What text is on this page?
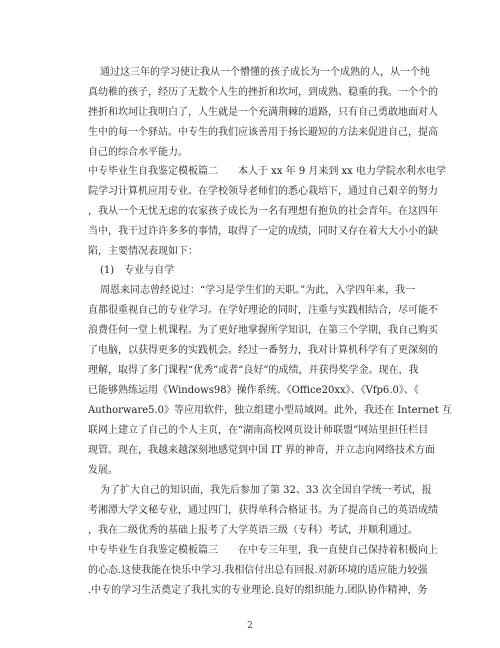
通过这三年的学习使让我从一个懵懂的孩子成长为一个成熟的人，从一个纯
真幼稚的孩子，经历了无数个人生的挫折和坎坷，到成熟、稳重的我。一个个的
挫折和坎坷让我明白了，人生就是一个充满荆棘的道路，只有自己勇敢地面对人
生中的每一个驿站。中专生的我们应该善用于扬长避短的方法来促进自己，提高
自己的综合水平能力。
中专毕业生自我鉴定模板篇二　　本人于 xx 年 9 月来到 xx 电力学院水利水电学
院学习计算机应用专业。在学校领导老师们的悉心栽培下，通过自己艰辛的努力
，我从一个无忧无虑的农家孩子成长为一名有理想有抱负的社会青年。在这四年
当中，我干过许许多多的事情，取得了一定的成绩，同时又存在着大大小小的缺
陷，主要情况表现如下：
(1)　专业与自学
周恩来同志曾经说过：“学习是学生们的天职。”为此，入学四年来，我一
直都很重视自己的专业学习。在学好理论的同时，注重与实践相结合，尽可能不
浪费任何一堂上机课程。为了更好地掌握所学知识，在第三个学期，我自己购买
了电脑，以获得更多的实践机会。经过一番努力，我对计算机科学有了更深刻的
理解，取得了多门课程“优秀”或者“良好”的成绩，并获得奖学金。现在，我
已能够熟练运用《Windows98》操作系统、《Office20xx》、《Vfp6.0》、《
Authorware5.0》等应用软件，独立组建小型局域网。此外，我还在 Internet 互
联网上建立了自己的个人主页，在“湖南高校网页设计师联盟”网站里担任栏目
现管。现在，我越来越深刻地感觉到中国 IT 界的神奇，并立志向网络技术方面
发展。
为了扩大自己的知识面，我先后参加了第 32、33 次全国自学统一考试，报
考湘潭大学文秘专业，通过四门，获得单科合格证书。为了提高自己的英语成绩
，我在二级优秀的基础上报考了大学英语三级（专科）考试，并顺利通过。
中专毕业生自我鉴定模板篇三　　在中专三年里，我一直使自己保持着积极向上
的心态.这使我能在快乐中学习.我相信付出总有回报.对新环境的适应能力较强
.中专的学习生活奠定了我扎实的专业理论.良好的组织能力.团队协作精神，务
2
